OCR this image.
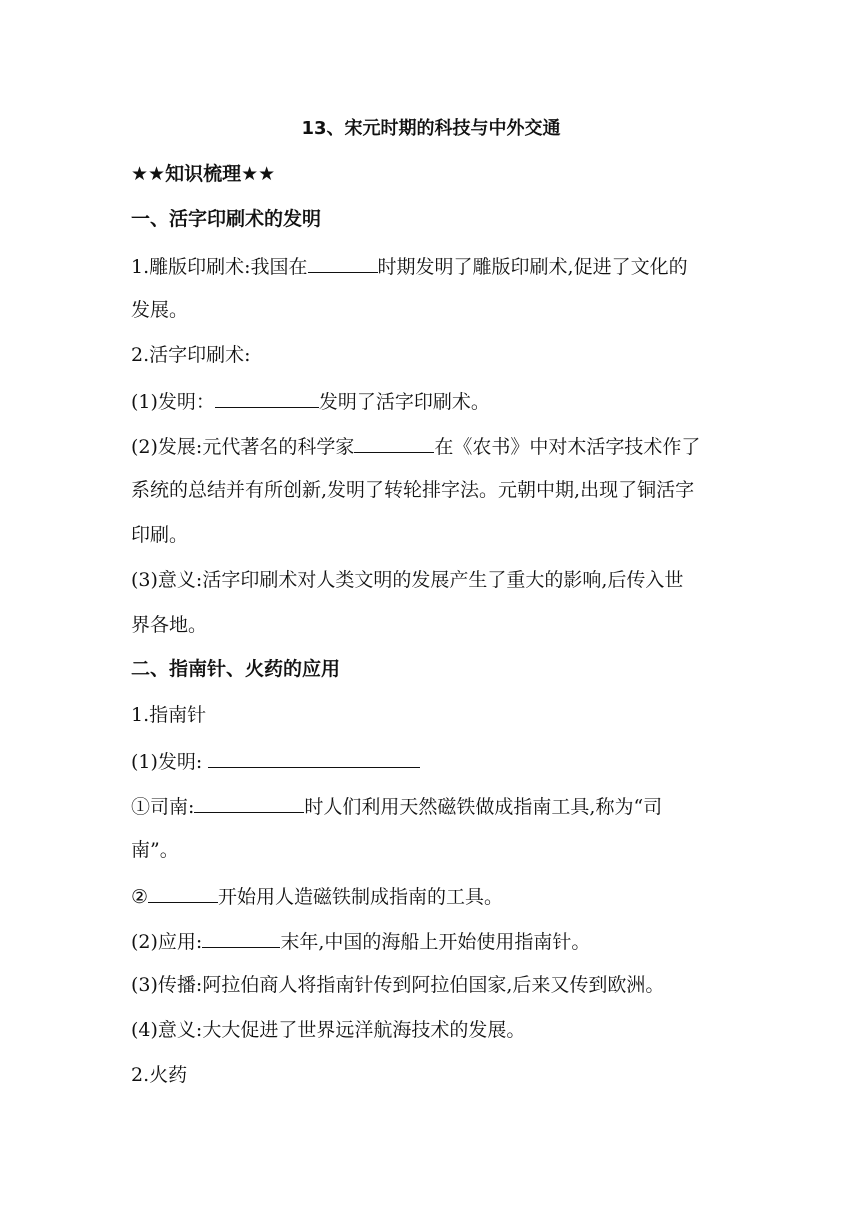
13、宋元时期的科技与中外交通
★★知识梳理★★
一、活字印刷术的发明
1.雕版印刷术:我国在	时期发明了雕版印刷术,促进了文化的
发展。
2.活字印刷术:
(1)发明：	发明了活字印刷术。
(2)发展:元代著名的科学家	在《农书》中对木活字技术作了
系统的总结并有所创新,发明了转轮排字法。元朝中期,出现了铜活字
印刷。
(3)意义:活字印刷术对人类文明的发展产生了重大的影响,后传入世
界各地。
二、指南针、火药的应用
1.指南针
(1)发明:
①司南:	时人们利用天然磁铁做成指南工具,称为“司
南”。
②	开始用人造磁铁制成指南的工具。
(2)应用:	末年,中国的海船上开始使用指南针。
(3)传播:阿拉伯商人将指南针传到阿拉伯国家,后来又传到欧洲。
(4)意义:大大促进了世界远洋航海技术的发展。
2.火药
